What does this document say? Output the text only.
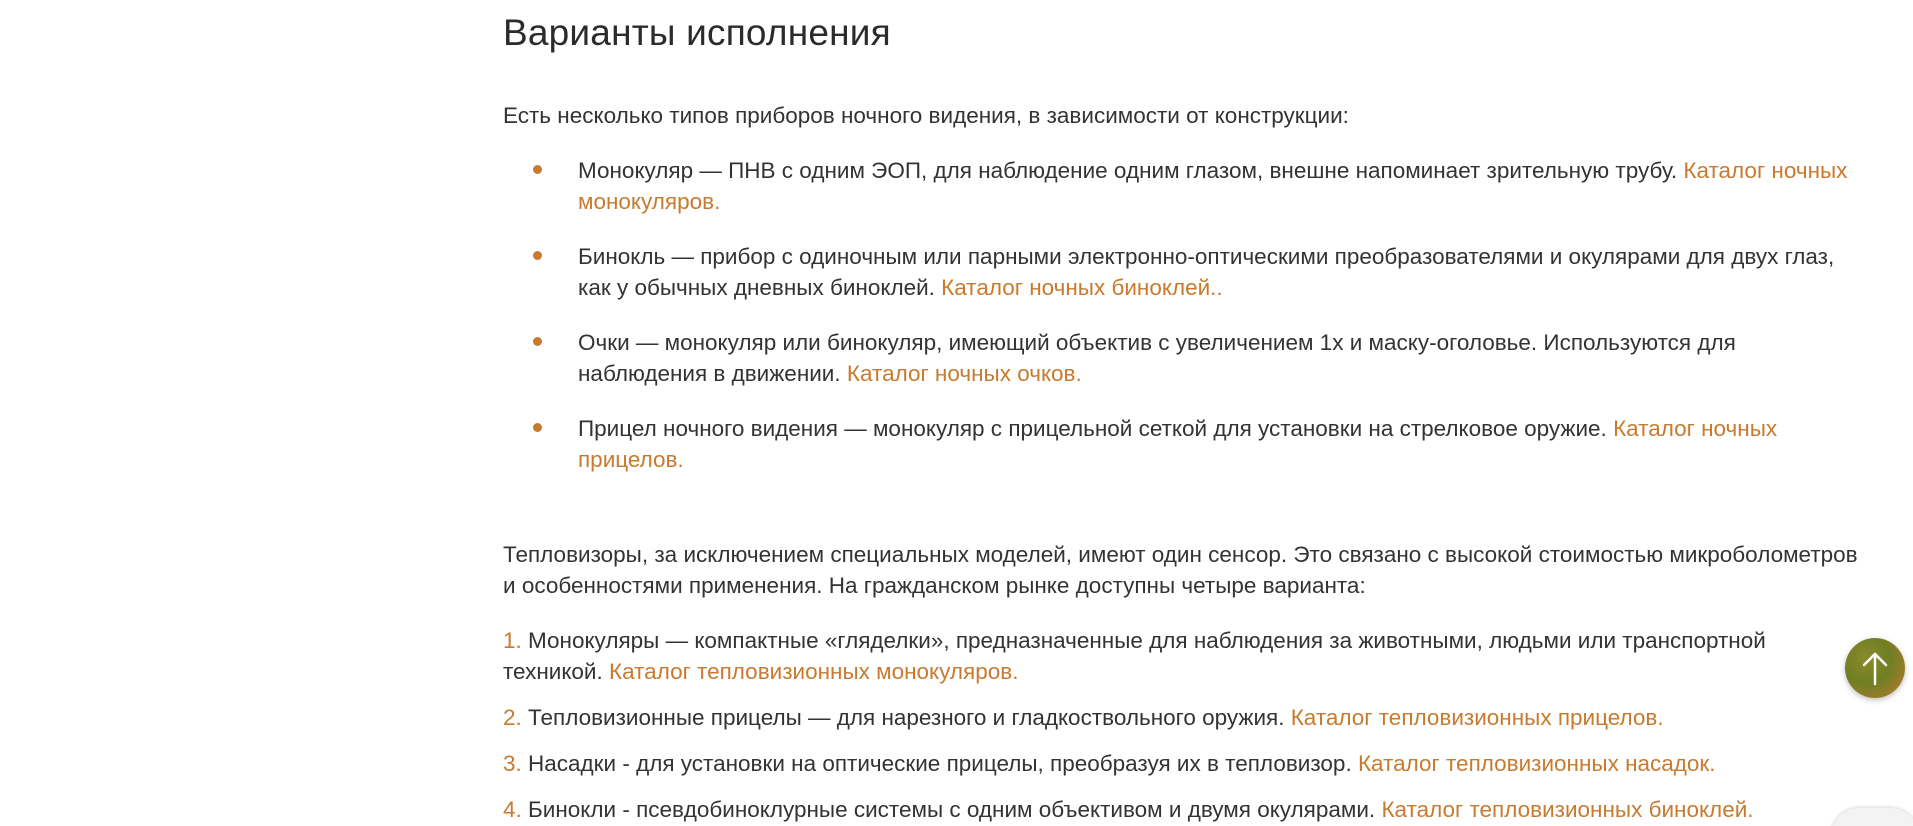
Варианты исполнения

Есть несколько типов приборов ночного видения, в зависимости от конструкции:

Монокуляр — ПНВ с одним ЭОП, для наблюдение одним глазом, внешне напоминает зрительную трубу. Каталог ночных монокуляров.
Бинокль — прибор с одиночным или парными электронно-оптическими преобразователями и окулярами для двух глаз, как у обычных дневных биноклей. Каталог ночных биноклей..
Очки — монокуляр или бинокуляр, имеющий объектив с увеличением 1х и маску-оголовье. Используются для наблюдения в движении. Каталог ночных очков.
Прицел ночного видения — монокуляр с прицельной сеткой для установки на стрелковое оружие. Каталог ночных прицелов.

Тепловизоры, за исключением специальных моделей, имеют один сенсор. Это связано с высокой стоимостью микроболометров и особенностями применения. На гражданском рынке доступны четыре варианта:

1. Монокуляры — компактные «гляделки», предназначенные для наблюдения за животными, людьми или транспортной техникой. Каталог тепловизионных монокуляров.
2. Тепловизионные прицелы — для нарезного и гладкоствольного оружия. Каталог тепловизионных прицелов.
3. Насадки - для установки на оптические прицелы, преобразуя их в тепловизор. Каталог тепловизионных насадок.
4. Бинокли - псевдобиноклурные системы с одним объективом и двумя окулярами. Каталог тепловизионных биноклей.
